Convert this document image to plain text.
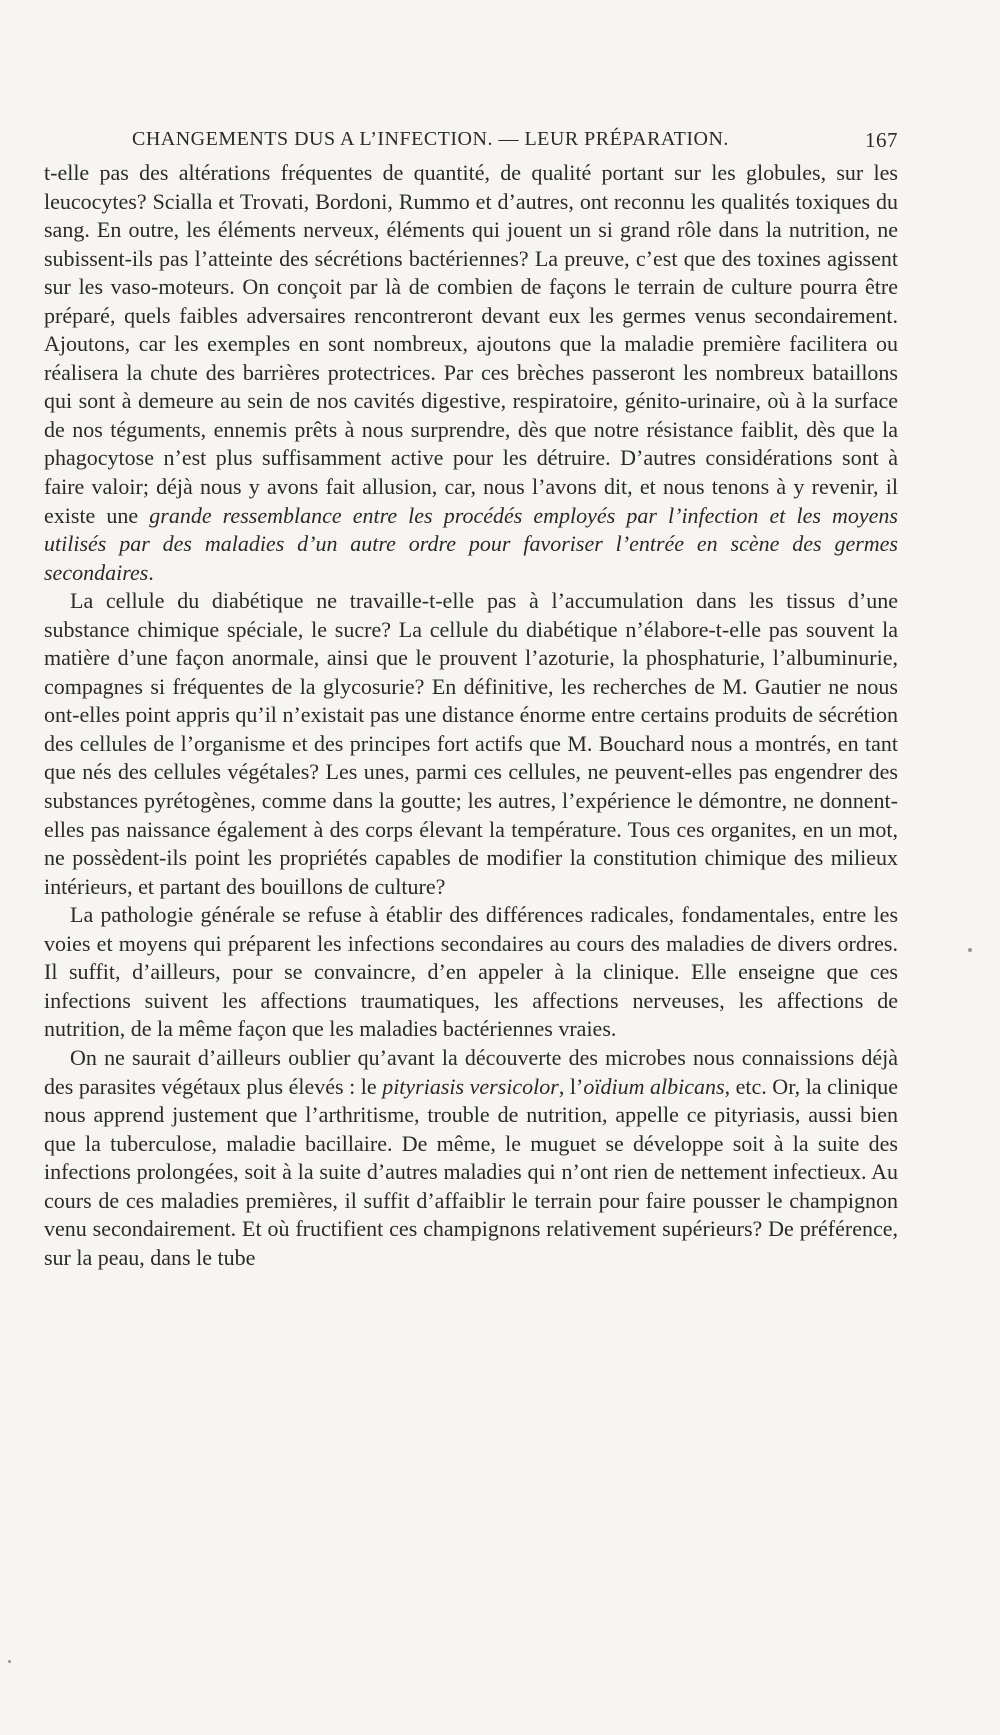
CHANGEMENTS DUS A L’INFECTION. — LEUR PRÉPARATION.	167

t-elle pas des altérations fréquentes de quantité, de qualité portant sur les globules, sur les leucocytes? Scialla et Trovati, Bordoni, Rummo et d’autres, ont reconnu les qualités toxiques du sang. En outre, les éléments nerveux, éléments qui jouent un si grand rôle dans la nutrition, ne subissent-ils pas l’atteinte des sécrétions bactériennes? La preuve, c’est que des toxines agissent sur les vaso-moteurs. On conçoit par là de combien de façons le terrain de culture pourra être préparé, quels faibles adversaires rencontreront devant eux les germes venus secondairement. Ajoutons, car les exemples en sont nombreux, ajoutons que la maladie première facilitera ou réalisera la chute des barrières protectrices. Par ces brèches passeront les nombreux bataillons qui sont à demeure au sein de nos cavités digestive, respiratoire, génito-urinaire, où à la surface de nos téguments, ennemis prêts à nous surprendre, dès que notre résistance faiblit, dès que la phagocytose n’est plus suffisamment active pour les détruire. D’autres considérations sont à faire valoir; déjà nous y avons fait allusion, car, nous l’avons dit, et nous tenons à y revenir, il existe une grande ressemblance entre les procédés employés par l’infection et les moyens utilisés par des maladies d’un autre ordre pour favoriser l’entrée en scène des germes secondaires.

La cellule du diabétique ne travaille-t-elle pas à l’accumulation dans les tissus d’une substance chimique spéciale, le sucre? La cellule du diabétique n’élabore-t-elle pas souvent la matière d’une façon anormale, ainsi que le prouvent l’azoturie, la phosphaturie, l’albuminurie, compagnes si fréquentes de la glycosurie? En définitive, les recherches de M. Gautier ne nous ont-elles point appris qu’il n’existait pas une distance énorme entre certains produits de sécrétion des cellules de l’organisme et des principes fort actifs que M. Bouchard nous a montrés, en tant que nés des cellules végétales? Les unes, parmi ces cellules, ne peuvent-elles pas engendrer des substances pyrétogènes, comme dans la goutte; les autres, l’expérience le démontre, ne donnent-elles pas naissance également à des corps élevant la température. Tous ces organites, en un mot, ne possèdent-ils point les propriétés capables de modifier la constitution chimique des milieux intérieurs, et partant des bouillons de culture?

La pathologie générale se refuse à établir des différences radicales, fondamentales, entre les voies et moyens qui préparent les infections secondaires au cours des maladies de divers ordres. Il suffit, d’ailleurs, pour se convaincre, d’en appeler à la clinique. Elle enseigne que ces infections suivent les affections traumatiques, les affections nerveuses, les affections de nutrition, de la même façon que les maladies bactériennes vraies.

On ne saurait d’ailleurs oublier qu’avant la découverte des microbes nous connaissions déjà des parasites végétaux plus élevés : le pityriasis versicolor, l’oïdium albicans, etc. Or, la clinique nous apprend justement que l’arthritisme, trouble de nutrition, appelle ce pityriasis, aussi bien que la tuberculose, maladie bacillaire. De même, le muguet se développe soit à la suite des infections prolongées, soit à la suite d’autres maladies qui n’ont rien de nettement infectieux. Au cours de ces maladies premières, il suffit d’affaiblir le terrain pour faire pousser le champignon venu secondairement. Et où fructifient ces champignons relativement supérieurs? De préférence, sur la peau, dans le tube
